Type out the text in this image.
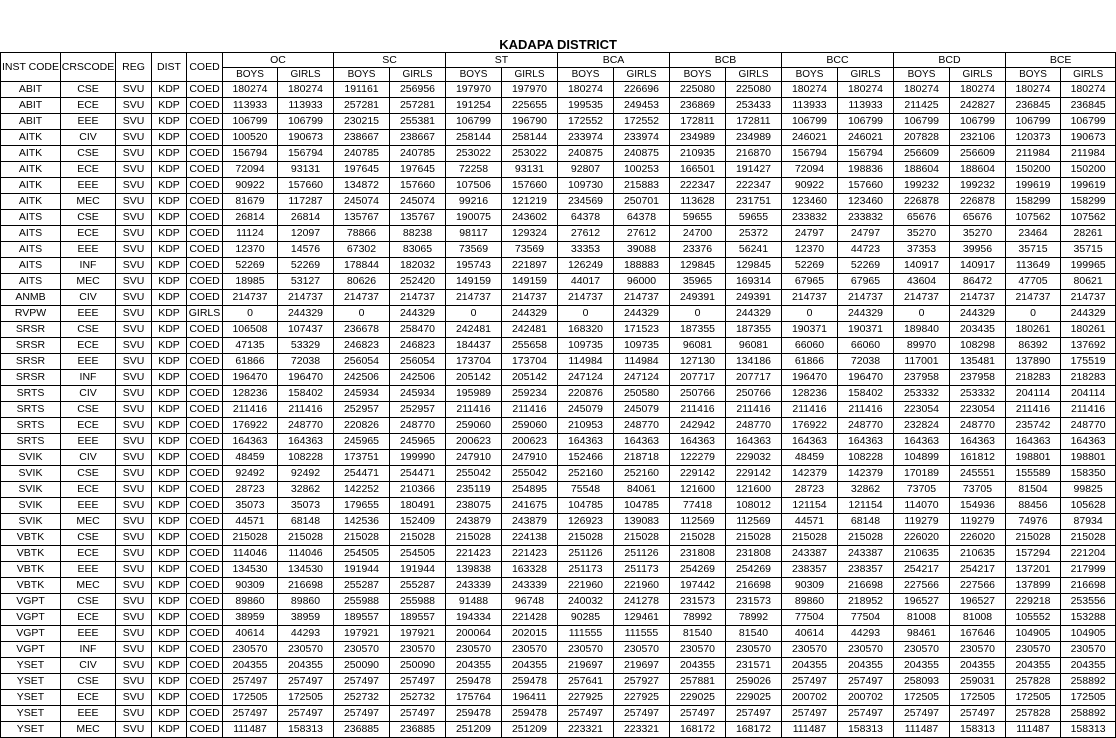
KADAPA DISTRICT																				
INST CODE	CRSCODE	REG	DIST	COED	OC		SC		ST		BCA		BCB		BCC		BCD		BCE	
					BOYS	GIRLS	BOYS	GIRLS	BOYS	GIRLS	BOYS	GIRLS	BOYS	GIRLS	BOYS	GIRLS	BOYS	GIRLS	BOYS	GIRLS
ABIT	CSE	SVU	KDP	COED	180274	180274	191161	256956	197970	197970	180274	226696	225080	225080	180274	180274	180274	180274	180274	180274
ABIT	ECE	SVU	KDP	COED	113933	113933	257281	257281	191254	225655	199535	249453	236869	253433	113933	113933	211425	242827	236845	236845
ABIT	EEE	SVU	KDP	COED	106799	106799	230215	255381	106799	196790	172552	172552	172811	172811	106799	106799	106799	106799	106799	106799
AITK	CIV	SVU	KDP	COED	100520	190673	238667	238667	258144	258144	233974	233974	234989	234989	246021	246021	207828	232106	120373	190673
AITK	CSE	SVU	KDP	COED	156794	156794	240785	240785	253022	253022	240875	240875	210935	216870	156794	156794	256609	256609	211984	211984
AITK	ECE	SVU	KDP	COED	72094	93131	197645	197645	72258	93131	92807	100253	166501	191427	72094	198836	188604	188604	150200	150200
AITK	EEE	SVU	KDP	COED	90922	157660	134872	157660	107506	157660	109730	215883	222347	222347	90922	157660	199232	199232	199619	199619
AITK	MEC	SVU	KDP	COED	81679	117287	245074	245074	99216	121219	234569	250701	113628	231751	123460	123460	226878	226878	158299	158299
AITS	CSE	SVU	KDP	COED	26814	26814	135767	135767	190075	243602	64378	64378	59655	59655	233832	233832	65676	65676	107562	107562
AITS	ECE	SVU	KDP	COED	11124	12097	78866	88238	98117	129324	27612	27612	24700	25372	24797	24797	35270	35270	23464	28261
AITS	EEE	SVU	KDP	COED	12370	14576	67302	83065	73569	73569	33353	39088	23376	56241	12370	44723	37353	39956	35715	35715
AITS	INF	SVU	KDP	COED	52269	52269	178844	182032	195743	221897	126249	188883	129845	129845	52269	52269	140917	140917	113649	199965
AITS	MEC	SVU	KDP	COED	18985	53127	80626	252420	149159	149159	44017	96000	35965	169314	67965	67965	43604	86472	47705	80621
ANMB	CIV	SVU	KDP	COED	214737	214737	214737	214737	214737	214737	214737	214737	249391	249391	214737	214737	214737	214737	214737	214737
RVPW	EEE	SVU	KDP	GIRLS	0	244329	0	244329	0	244329	0	244329	0	244329	0	244329	0	244329	0	244329
SRSR	CSE	SVU	KDP	COED	106508	107437	236678	258470	242481	242481	168320	171523	187355	187355	190371	190371	189840	203435	180261	180261
SRSR	ECE	SVU	KDP	COED	47135	53329	246823	246823	184437	255658	109735	109735	96081	96081	66060	66060	89970	108298	86392	137692
SRSR	EEE	SVU	KDP	COED	61866	72038	256054	256054	173704	173704	114984	114984	127130	134186	61866	72038	117001	135481	137890	175519
SRSR	INF	SVU	KDP	COED	196470	196470	242506	242506	205142	205142	247124	247124	207717	207717	196470	196470	237958	237958	218283	218283
SRTS	CIV	SVU	KDP	COED	128236	158402	245934	245934	195989	259234	220876	250580	250766	250766	128236	158402	253332	253332	204114	204114
SRTS	CSE	SVU	KDP	COED	211416	211416	252957	252957	211416	211416	245079	245079	211416	211416	211416	211416	223054	223054	211416	211416
SRTS	ECE	SVU	KDP	COED	176922	248770	220826	248770	259060	259060	210953	248770	242942	248770	176922	248770	232824	248770	235742	248770
SRTS	EEE	SVU	KDP	COED	164363	164363	245965	245965	200623	200623	164363	164363	164363	164363	164363	164363	164363	164363	164363	164363
SVIK	CIV	SVU	KDP	COED	48459	108228	173751	199990	247910	247910	152466	218718	122279	229032	48459	108228	104899	161812	198801	198801
SVIK	CSE	SVU	KDP	COED	92492	92492	254471	254471	255042	255042	252160	252160	229142	229142	142379	142379	170189	245551	155589	158350
SVIK	ECE	SVU	KDP	COED	28723	32862	142252	210366	235119	254895	75548	84061	121600	121600	28723	32862	73705	73705	81504	99825
SVIK	EEE	SVU	KDP	COED	35073	35073	179655	180491	238075	241675	104785	104785	77418	108012	121154	121154	114070	154936	88456	105628
SVIK	MEC	SVU	KDP	COED	44571	68148	142536	152409	243879	243879	126923	139083	112569	112569	44571	68148	119279	119279	74976	87934
VBTK	CSE	SVU	KDP	COED	215028	215028	215028	215028	215028	224138	215028	215028	215028	215028	215028	215028	226020	226020	215028	215028
VBTK	ECE	SVU	KDP	COED	114046	114046	254505	254505	221423	221423	251126	251126	231808	231808	243387	243387	210635	210635	157294	221204
VBTK	EEE	SVU	KDP	COED	134530	134530	191944	191944	139838	163328	251173	251173	254269	254269	238357	238357	254217	254217	137201	217999
VBTK	MEC	SVU	KDP	COED	90309	216698	255287	255287	243339	243339	221960	221960	197442	216698	90309	216698	227566	227566	137899	216698
VGPT	CSE	SVU	KDP	COED	89860	89860	255988	255988	91488	96748	240032	241278	231573	231573	89860	218952	196527	196527	229218	253556
VGPT	ECE	SVU	KDP	COED	38959	38959	189557	189557	194334	221428	90285	129461	78992	78992	77504	77504	81008	81008	105552	153288
VGPT	EEE	SVU	KDP	COED	40614	44293	197921	197921	200064	202015	111555	111555	81540	81540	40614	44293	98461	167646	104905	104905
VGPT	INF	SVU	KDP	COED	230570	230570	230570	230570	230570	230570	230570	230570	230570	230570	230570	230570	230570	230570	230570	230570
YSET	CIV	SVU	KDP	COED	204355	204355	250090	250090	204355	204355	219697	219697	204355	231571	204355	204355	204355	204355	204355	204355
YSET	CSE	SVU	KDP	COED	257497	257497	257497	257497	259478	259478	257641	257927	257881	259026	257497	257497	258093	259031	257828	258892
YSET	ECE	SVU	KDP	COED	172505	172505	252732	252732	175764	196411	227925	227925	229025	229025	200702	200702	172505	172505	172505	172505
YSET	EEE	SVU	KDP	COED	257497	257497	257497	257497	259478	259478	257497	257497	257497	257497	257497	257497	257497	257497	257828	258892
YSET	MEC	SVU	KDP	COED	111487	158313	236885	236885	251209	251209	223321	223321	168172	168172	111487	158313	111487	158313	111487	158313
